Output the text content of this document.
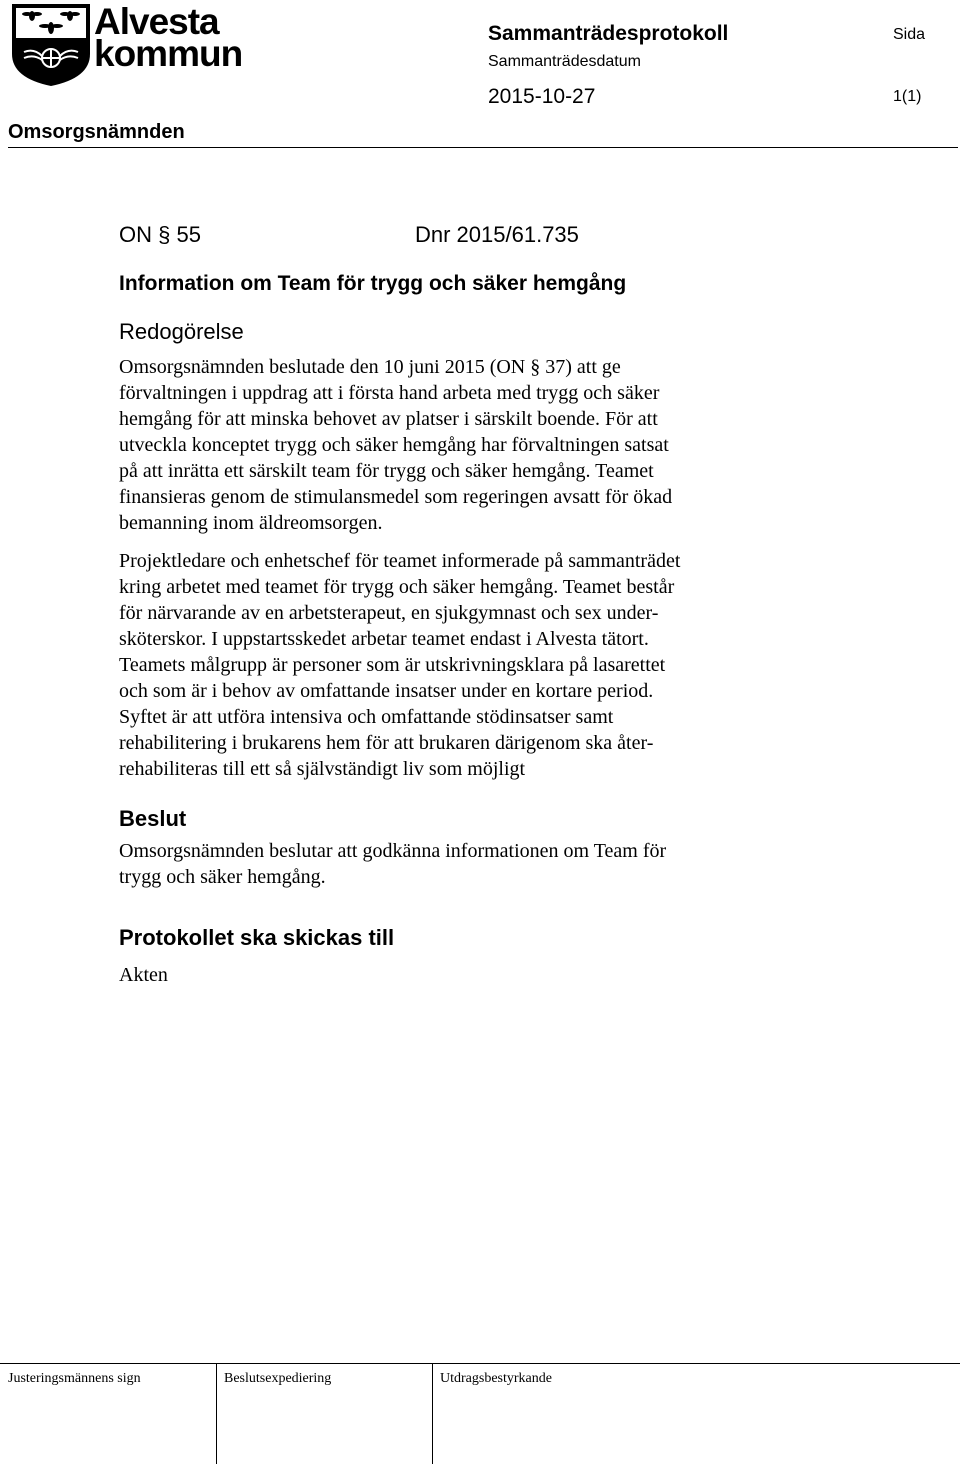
Alvesta
kommun	Sammanträdesprotokoll	Sida
Sammanträdesdatum
2015-10-27	1(1)
Omsorgsnämnden
ON § 55	Dnr 2015/61.735
Information om Team för trygg och säker hemgång
Redogörelse
Omsorgsnämnden beslutade den 10 juni 2015 (ON § 37) att ge
förvaltningen i uppdrag att i första hand arbeta med trygg och säker
hemgång för att minska behovet av platser i särskilt boende. För att
utveckla konceptet trygg och säker hemgång har förvaltningen satsat
på att inrätta ett särskilt team för trygg och säker hemgång. Teamet
finansieras genom de stimulansmedel som regeringen avsatt för ökad
bemanning inom äldreomsorgen.
Projektledare och enhetschef för teamet informerade på sammanträdet
kring arbetet med teamet för trygg och säker hemgång. Teamet består
för närvarande av en arbetsterapeut, en sjukgymnast och sex under-
sköterskor. I uppstartsskedet arbetar teamet endast i Alvesta tätort.
Teamets målgrupp är personer som är utskrivningsklara på lasarettet
och som är i behov av omfattande insatser under en kortare period.
Syftet är att utföra intensiva och omfattande stödinsatser samt
rehabilitering i brukarens hem för att brukaren därigenom ska åter-
rehabiliteras till ett så självständigt liv som möjligt
Beslut
Omsorgsnämnden beslutar att godkänna informationen om Team för
trygg och säker hemgång.
Protokollet ska skickas till
Akten
Justeringsmännens sign	Beslutsexpediering	Utdragsbestyrkande
